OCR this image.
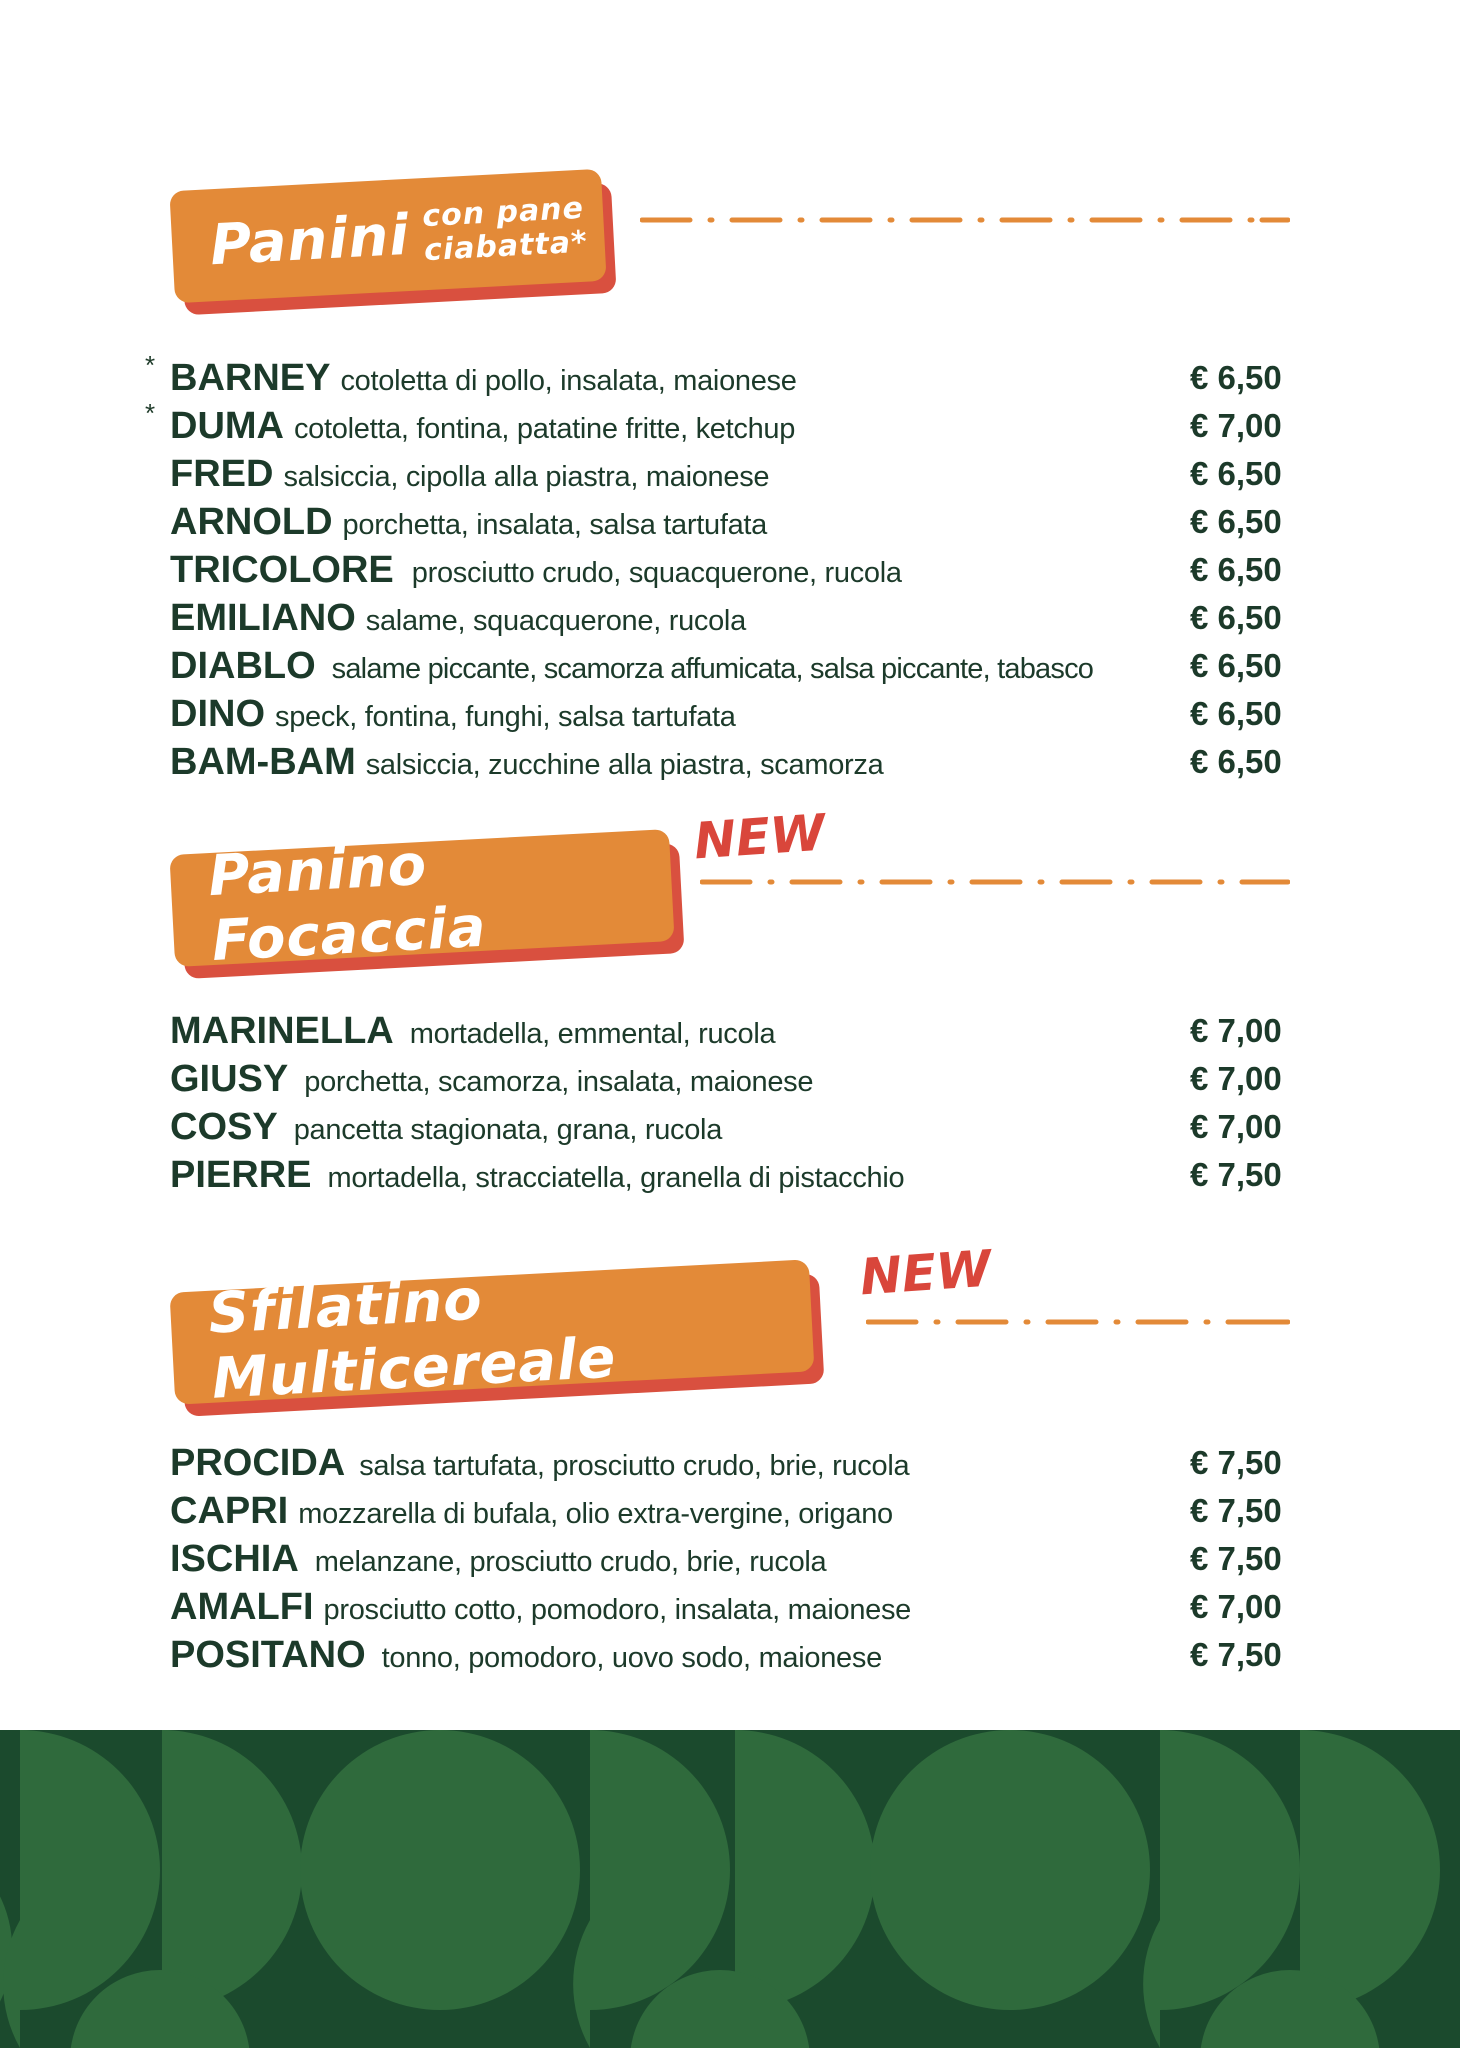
Panini con pane
ciabatta*
* BARNEY cotoletta di pollo, insalata, maionese	€ 6,50
* DUMA cotoletta, fontina, patatine fritte, ketchup	€ 7,00
FRED salsiccia, cipolla alla piastra, maionese	€ 6,50
ARNOLD porchetta, insalata, salsa tartufata	€ 6,50
TRICOLORE prosciutto crudo, squacquerone, rucola	€ 6,50
EMILIANO salame, squacquerone, rucola	€ 6,50
DIABLO salame piccante, scamorza affumicata, salsa piccante, tabasco	€ 6,50
DINO speck, fontina, funghi, salsa tartufata	€ 6,50
BAM-BAM salsiccia, zucchine alla piastra, scamorza	€ 6,50
Panino Focaccia
NEW
MARINELLA mortadella, emmental, rucola	€ 7,00
GIUSY porchetta, scamorza, insalata, maionese	€ 7,00
COSY pancetta stagionata, grana, rucola	€ 7,00
PIERRE mortadella, stracciatella, granella di pistacchio	€ 7,50
Sfilatino Multicereale
NEW
PROCIDA salsa tartufata, prosciutto crudo, brie, rucola	€ 7,50
CAPRI mozzarella di bufala, olio extra-vergine, origano	€ 7,50
ISCHIA melanzane, prosciutto crudo, brie, rucola	€ 7,50
AMALFI prosciutto cotto, pomodoro, insalata, maionese	€ 7,00
POSITANO tonno, pomodoro, uovo sodo, maionese	€ 7,50
